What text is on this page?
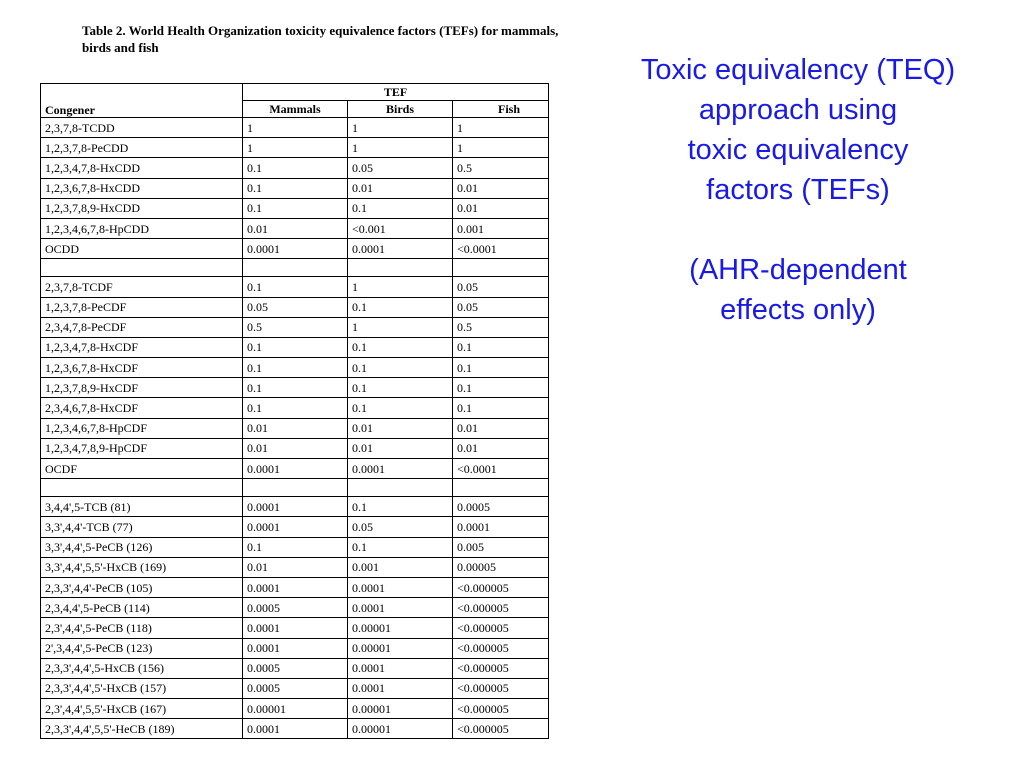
Table 2. World Health Organization toxicity equivalence factors (TEFs) for mammals, birds and fish
Congener	TEF		
	Mammals	Birds	Fish
2,3,7,8-TCDD	1	1	1
1,2,3,7,8-PeCDD	1	1	1
1,2,3,4,7,8-HxCDD	0.1	0.05	0.5
1,2,3,6,7,8-HxCDD	0.1	0.01	0.01
1,2,3,7,8,9-HxCDD	0.1	0.1	0.01
1,2,3,4,6,7,8-HpCDD	0.01	<0.001	0.001
OCDD	0.0001	0.0001	<0.0001

2,3,7,8-TCDF	0.1	1	0.05
1,2,3,7,8-PeCDF	0.05	0.1	0.05
2,3,4,7,8-PeCDF	0.5	1	0.5
1,2,3,4,7,8-HxCDF	0.1	0.1	0.1
1,2,3,6,7,8-HxCDF	0.1	0.1	0.1
1,2,3,7,8,9-HxCDF	0.1	0.1	0.1
2,3,4,6,7,8-HxCDF	0.1	0.1	0.1
1,2,3,4,6,7,8-HpCDF	0.01	0.01	0.01
1,2,3,4,7,8,9-HpCDF	0.01	0.01	0.01
OCDF	0.0001	0.0001	<0.0001

3,4,4',5-TCB (81)	0.0001	0.1	0.0005
3,3',4,4'-TCB (77)	0.0001	0.05	0.0001
3,3',4,4',5-PeCB (126)	0.1	0.1	0.005
3,3',4,4',5,5'-HxCB (169)	0.01	0.001	0.00005
2,3,3',4,4'-PeCB (105)	0.0001	0.0001	<0.000005
2,3,4,4',5-PeCB (114)	0.0005	0.0001	<0.000005
2,3',4,4',5-PeCB (118)	0.0001	0.00001	<0.000005
2',3,4,4',5-PeCB (123)	0.0001	0.00001	<0.000005
2,3,3',4,4',5-HxCB (156)	0.0005	0.0001	<0.000005
2,3,3',4,4',5'-HxCB (157)	0.0005	0.0001	<0.000005
2,3',4,4',5,5'-HxCB (167)	0.00001	0.00001	<0.000005
2,3,3',4,4',5,5'-HeCB (189)	0.0001	0.00001	<0.000005
Toxic equivalency (TEQ)
approach using
toxic equivalency
factors (TEFs)
(AHR-dependent
effects only)
